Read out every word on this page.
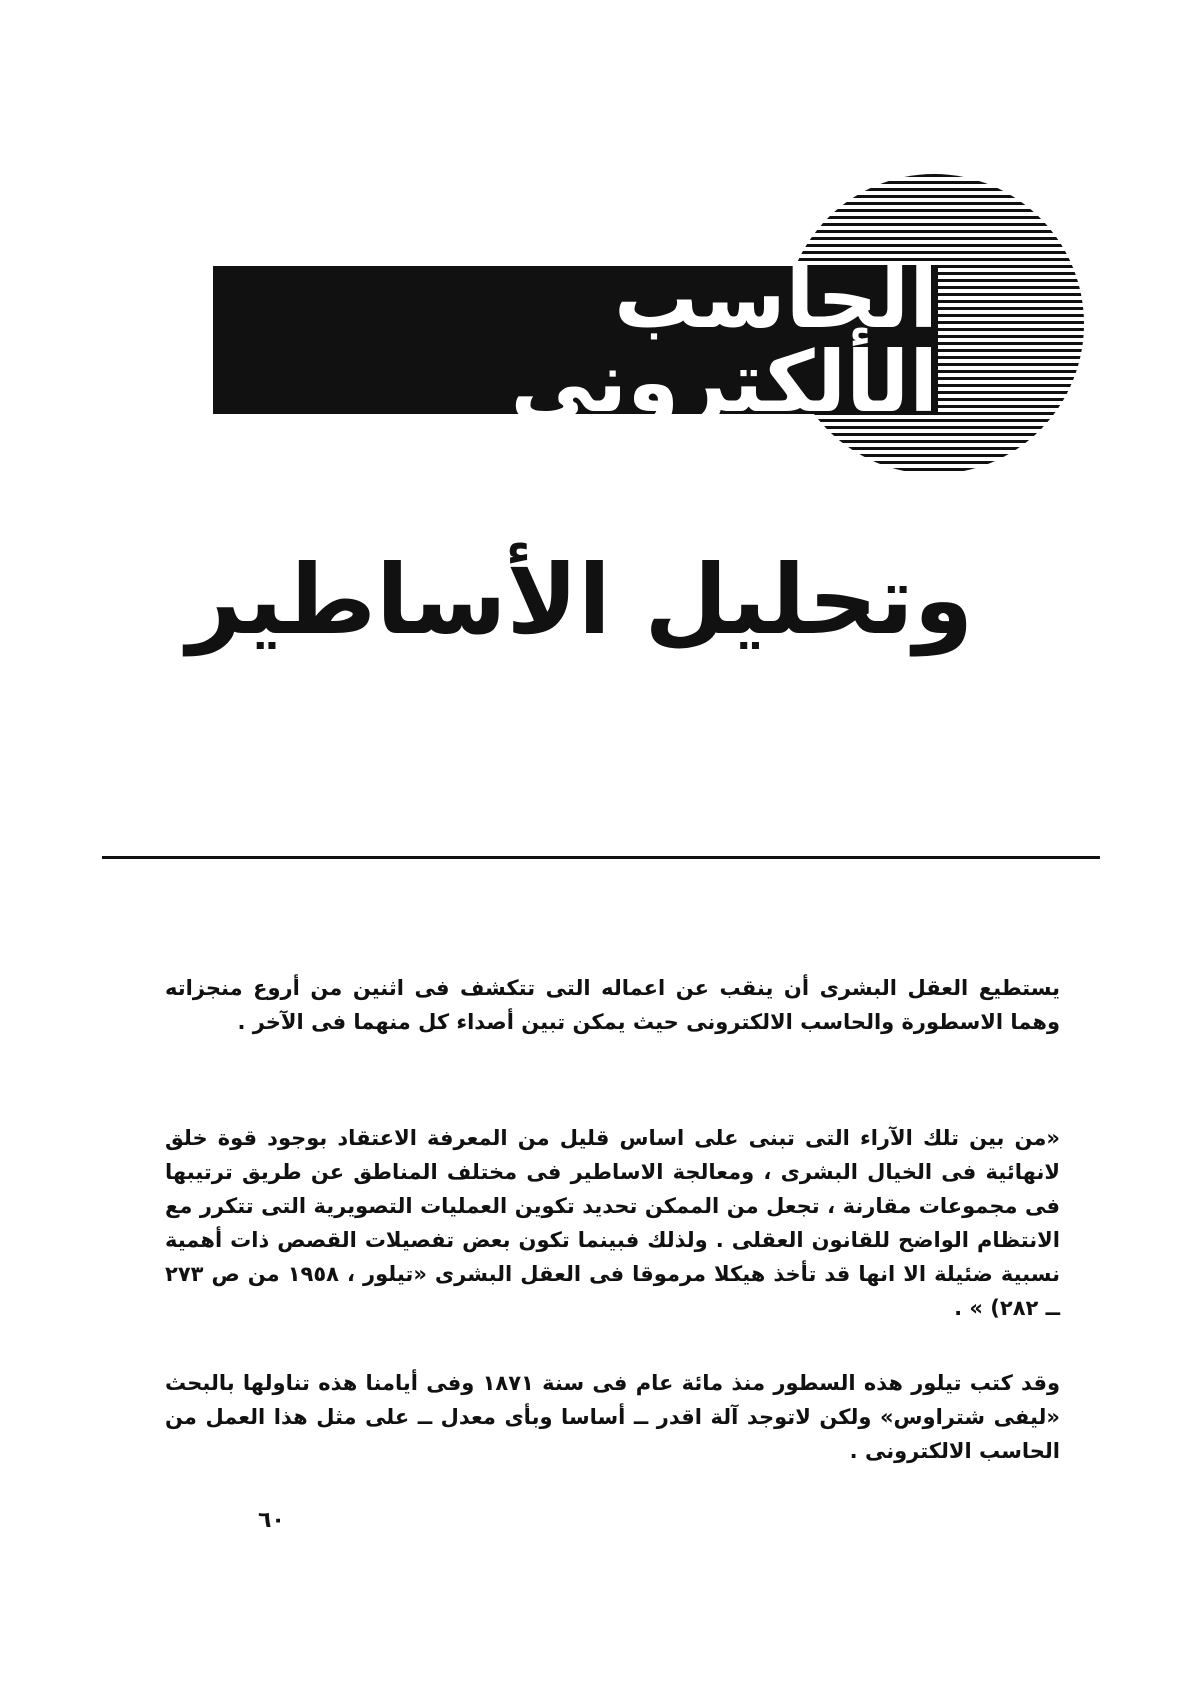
الحاسب الألكترونى
وتحليل الأساطير

يستطيع العقل البشرى أن ينقب عن اعماله التى تتكشف فى اثنين من أروع منجزاته وهما الاسطورة والحاسب الالكترونى حيث يمكن تبين أصداء كل منهما فى الآخر .

«من بين تلك الآراء التى تبنى على اساس قليل من المعرفة الاعتقاد بوجود قوة خلق لانهائية فى الخيال البشرى ، ومعالجة الاساطير فى مختلف المناطق عن طريق ترتيبها فى مجموعات مقارنة ، تجعل من الممكن تحديد تكوين العمليات التصويرية التى تتكرر مع الانتظام الواضح للقانون العقلى . ولذلك فبينما تكون بعض تفصيلات القصص ذات أهمية نسبية ضئيلة الا انها قد تأخذ هيكلا مرموقا فى العقل البشرى «تيلور ، ١٩٥٨ من ص ٢٧٣ ــ ٢٨٢) » .

وقد كتب تيلور هذه السطور منذ مائة عام فى سنة ١٨٧١ وفى أيامنا هذه تناولها بالبحث «ليفى شتراوس» ولكن لاتوجد آلة اقدر ــ أساسا وبأى معدل ــ على مثل هذا العمل من الحاسب الالكترونى .

٦٠
